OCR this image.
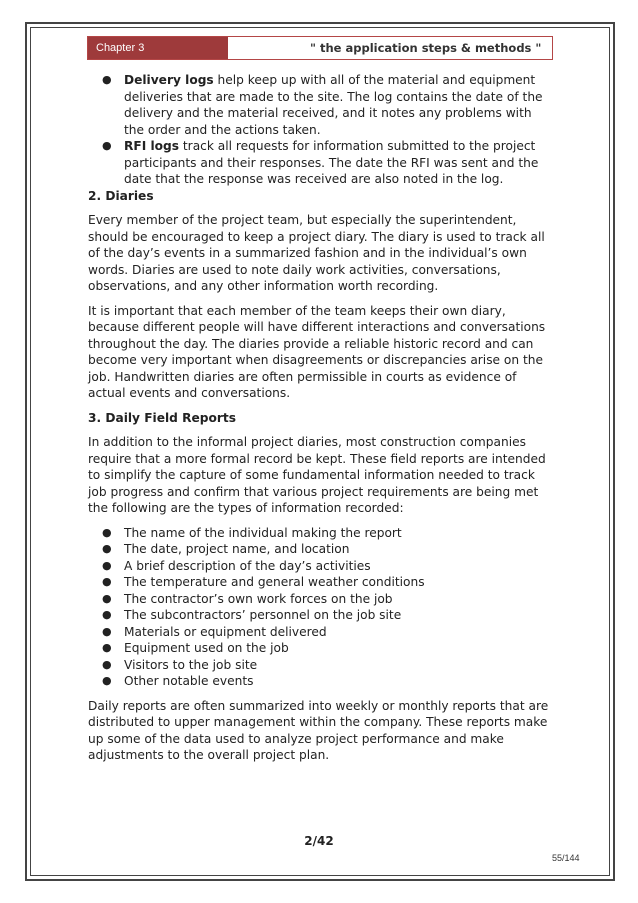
Chapter 3	" the application steps & methods "
● Delivery logs help keep up with all of the material and equipment deliveries that are made to the site. The log contains the date of the delivery and the material received, and it notes any problems with the order and the actions taken.
● RFI logs track all requests for information submitted to the project participants and their responses. The date the RFI was sent and the date that the response was received are also noted in the log.
2. Diaries

Every member of the project team, but especially the superintendent, should be encouraged to keep a project diary. The diary is used to track all of the day’s events in a summarized fashion and in the individual’s own words. Diaries are used to note daily work activities, conversations, observations, and any other information worth recording.

It is important that each member of the team keeps their own diary, because different people will have different interactions and conversations throughout the day. The diaries provide a reliable historic record and can become very important when disagreements or discrepancies arise on the job. Handwritten diaries are often permissible in courts as evidence of actual events and conversations.

3. Daily Field Reports

In addition to the informal project diaries, most construction companies require that a more formal record be kept. These field reports are intended to simplify the capture of some fundamental information needed to track job progress and confirm that various project requirements are being met the following are the types of information recorded:

● The name of the individual making the report
● The date, project name, and location
● A brief description of the day’s activities
● The temperature and general weather conditions
● The contractor’s own work forces on the job
● The subcontractors’ personnel on the job site
● Materials or equipment delivered
● Equipment used on the job
● Visitors to the job site
● Other notable events

Daily reports are often summarized into weekly or monthly reports that are distributed to upper management within the company. These reports make up some of the data used to analyze project performance and make adjustments to the overall project plan.

2/42
55/144
